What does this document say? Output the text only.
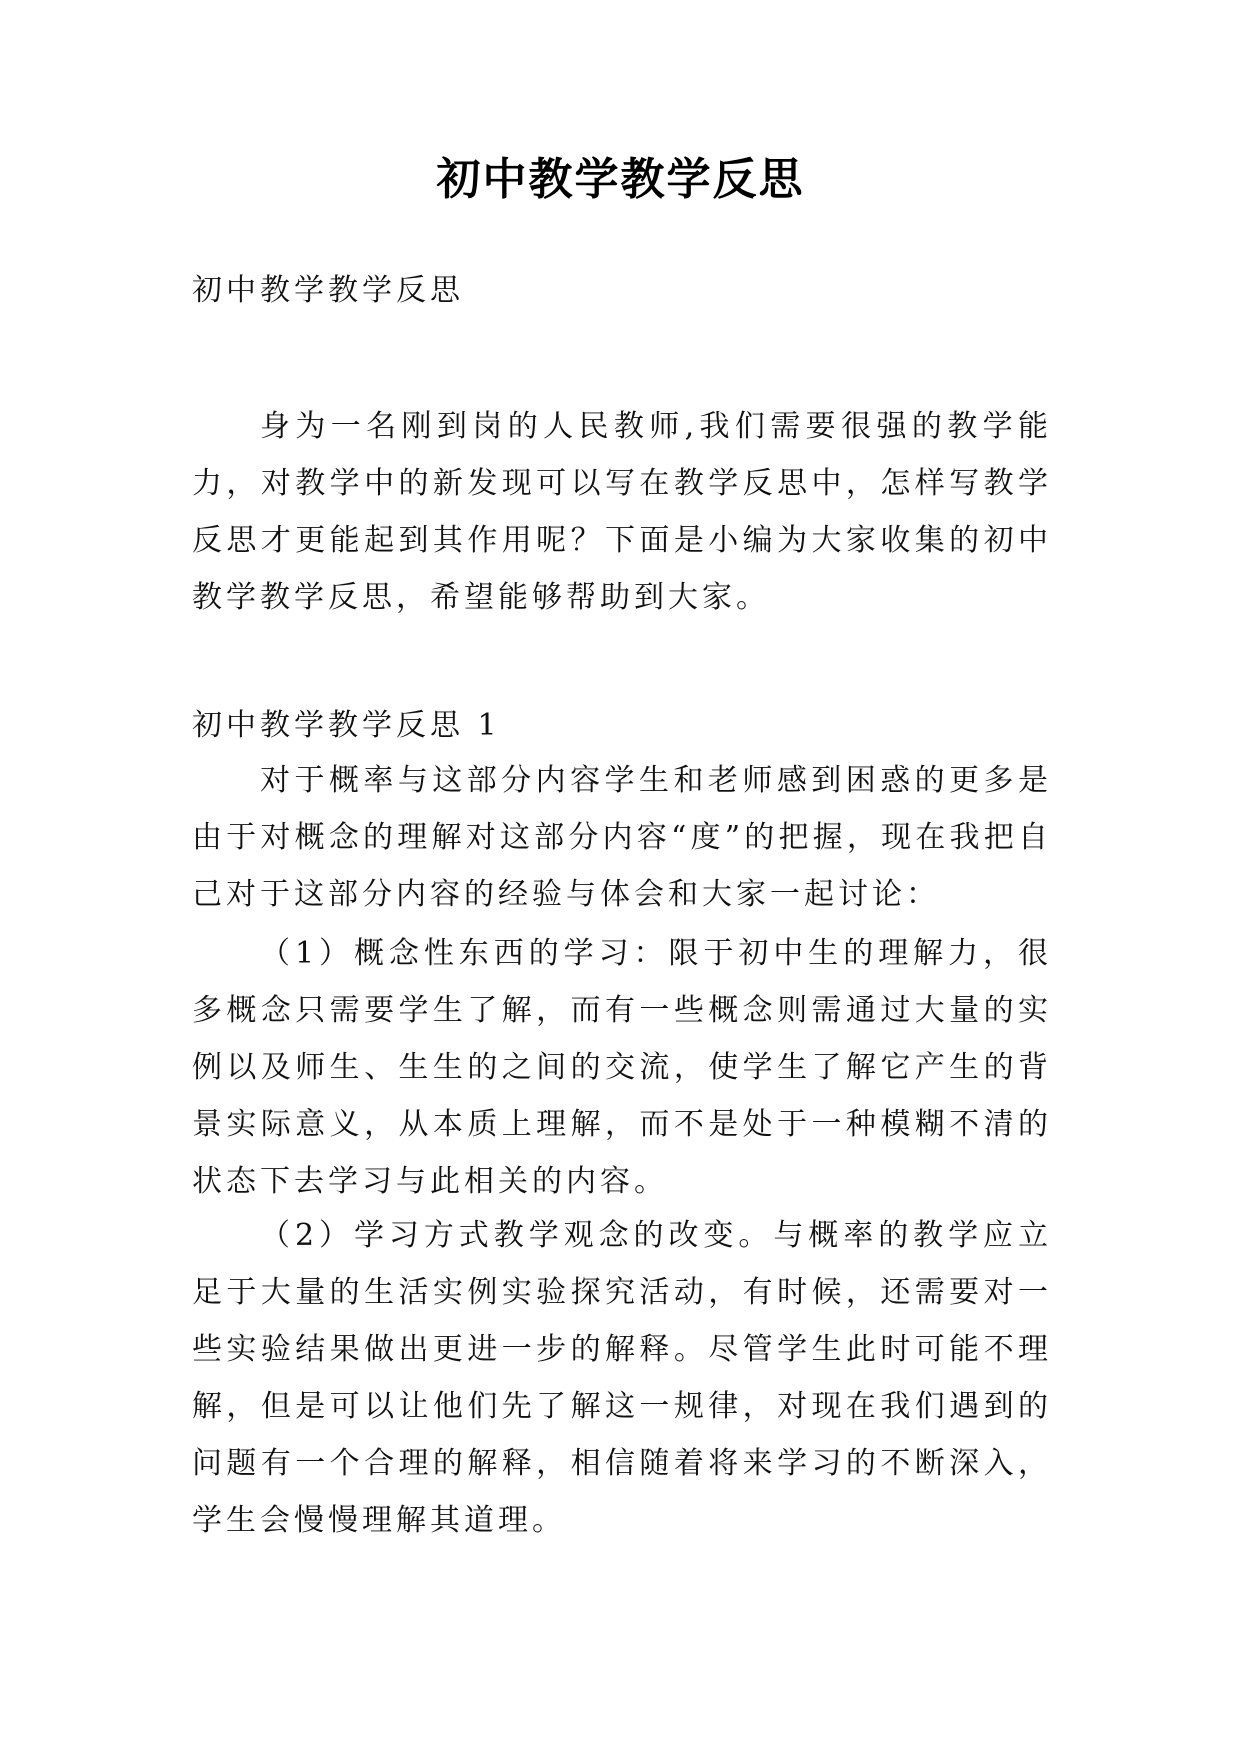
初中教学教学反思
初中教学教学反思
身为一名刚到岗的人民教师,我们需要很强的教学能力，对教学中的新发现可以写在教学反思中，怎样写教学反思才更能起到其作用呢？下面是小编为大家收集的初中教学教学反思，希望能够帮助到大家。
初中教学教学反思 1
对于概率与这部分内容学生和老师感到困惑的更多是由于对概念的理解对这部分内容“度”的把握，现在我把自己对于这部分内容的经验与体会和大家一起讨论：
（1）概念性东西的学习：限于初中生的理解力，很多概念只需要学生了解，而有一些概念则需通过大量的实例以及师生、生生的之间的交流，使学生了解它产生的背景实际意义，从本质上理解，而不是处于一种模糊不清的状态下去学习与此相关的内容。
（2）学习方式教学观念的改变。与概率的教学应立足于大量的生活实例实验探究活动，有时候，还需要对一些实验结果做出更进一步的解释。尽管学生此时可能不理解，但是可以让他们先了解这一规律，对现在我们遇到的问题有一个合理的解释，相信随着将来学习的不断深入，学生会慢慢理解其道理。
